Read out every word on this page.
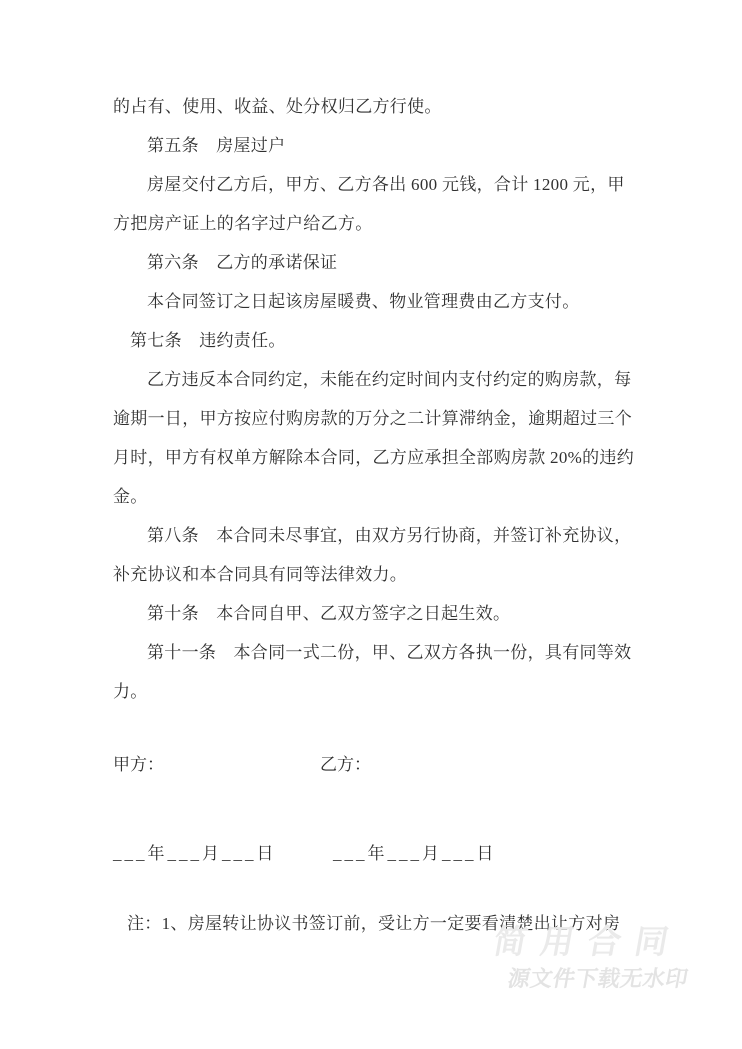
的占有、使用、收益、处分权归乙方行使。

第五条　房屋过户

房屋交付乙方后，甲方、乙方各出 600 元钱，合计 1200 元，甲

方把房产证上的名字过户给乙方。

第六条　乙方的承诺保证

本合同签订之日起该房屋暖费、物业管理费由乙方支付。

第七条　违约责任。

乙方违反本合同约定，未能在约定时间内支付约定的购房款，每

逾期一日，甲方按应付购房款的万分之二计算滞纳金，逾期超过三个

月时，甲方有权单方解除本合同，乙方应承担全部购房款 20%的违约

金。

第八条　本合同未尽事宜，由双方另行协商，并签订补充协议，

补充协议和本合同具有同等法律效力。

第十条　本合同自甲、乙双方签字之日起生效。

第十一条　本合同一式二份，甲、乙双方各执一份，具有同等效

力。

甲方：	乙方：
___年___月___日	___年___月___日

注：1、房屋转让协议书签订前，受让方一定要看清楚出让方对房

简用合同
源文件下载无水印
